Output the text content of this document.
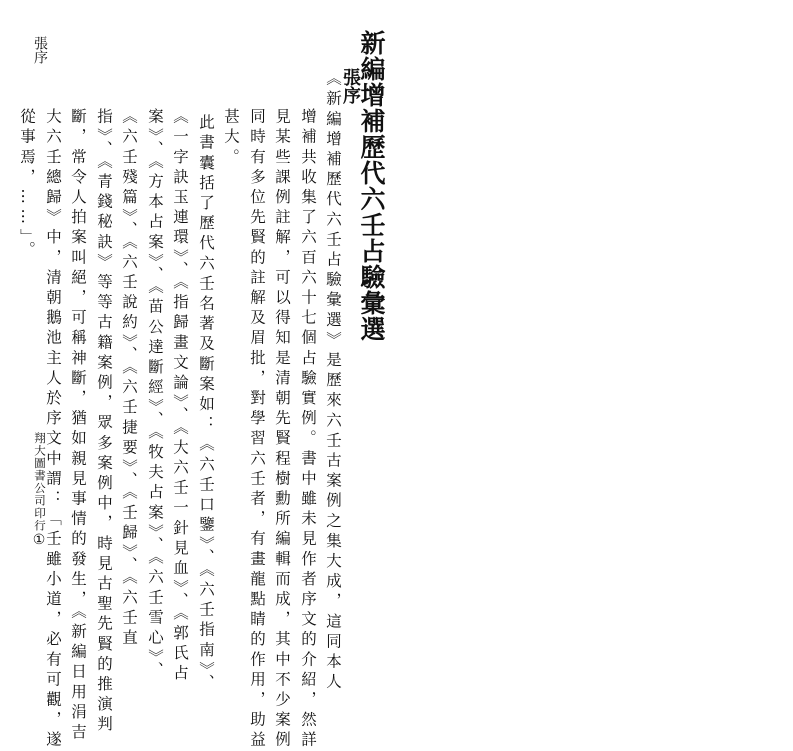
新編增補歷代六壬占驗彙選
張序
《新編增補歷代六壬占驗彙選》是歷來六壬古案例之集大成，這同本人
增補共收集了六百六十七個占驗實例。書中雖未見作者序文的介紹，然詳
見某些課例註解，可以得知是清朝先賢程樹勳所編輯而成，其中不少案例
同時有多位先賢的註解及眉批，對學習六壬者，有畫龍點睛的作用，助益
甚大。
此書囊括了歷代六壬名著及斷案如：《六壬口鑒》、《六壬指南》、
《一字訣玉連環》、《指歸畫文論》、《大六壬一針見血》、《郭氏占
案》、《方本占案》、《苗公達斷經》、《牧夫占案》、《六壬雪心》、
《六壬殘篇》、《六壬說約》、《六壬捷要》、《壬歸》、《六壬直
指》、《青錢秘訣》等等古籍案例，眾多案例中，時見古聖先賢的推演判
斷，常令人拍案叫絕，可稱神斷，猶如親見事情的發生，《新編日用涓吉
大六壬總歸》中，清朝鵝池主人於序文中謂：「壬雖小道，必有可觀，遂
從事焉，……」。
張序
翔大圖書公司印行
①
